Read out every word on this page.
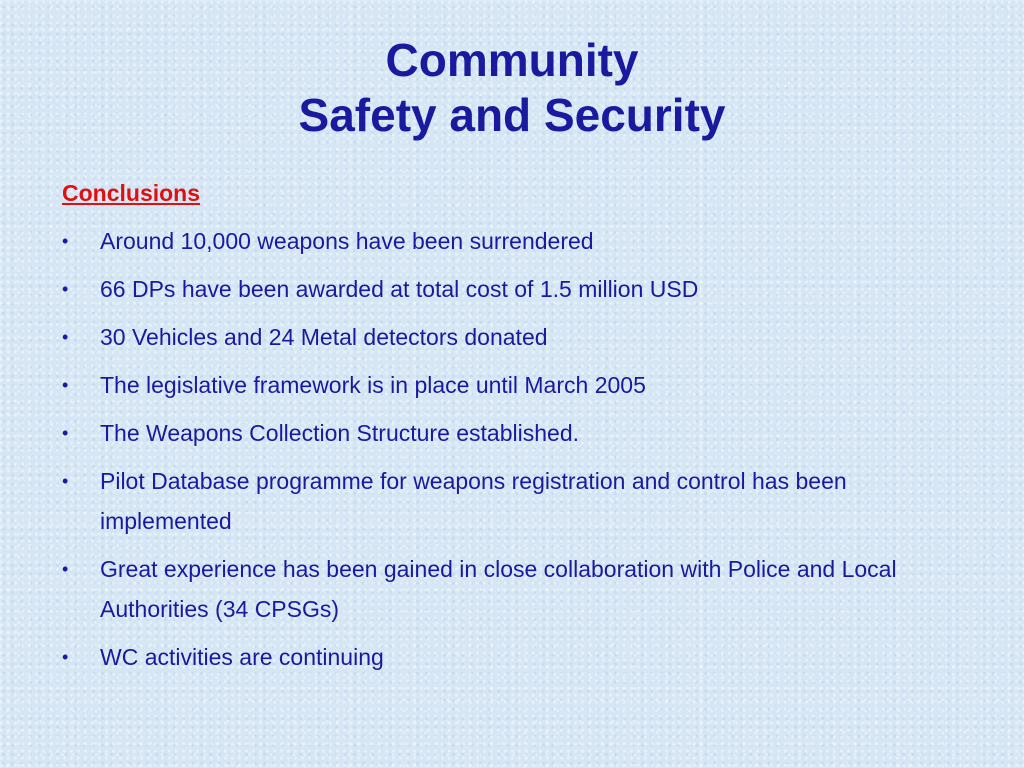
Community
Safety and Security
Conclusions
•	Around 10,000 weapons have been surrendered
•	66 DPs have been awarded at total cost of 1.5 million USD
•	30 Vehicles and 24 Metal detectors donated
•	The legislative framework is in place until March 2005
•	The Weapons Collection Structure established.
•	Pilot Database programme for weapons registration and control has been implemented
•	Great experience has been gained in close collaboration with Police and Local Authorities (34 CPSGs)
•	WC activities are continuing
